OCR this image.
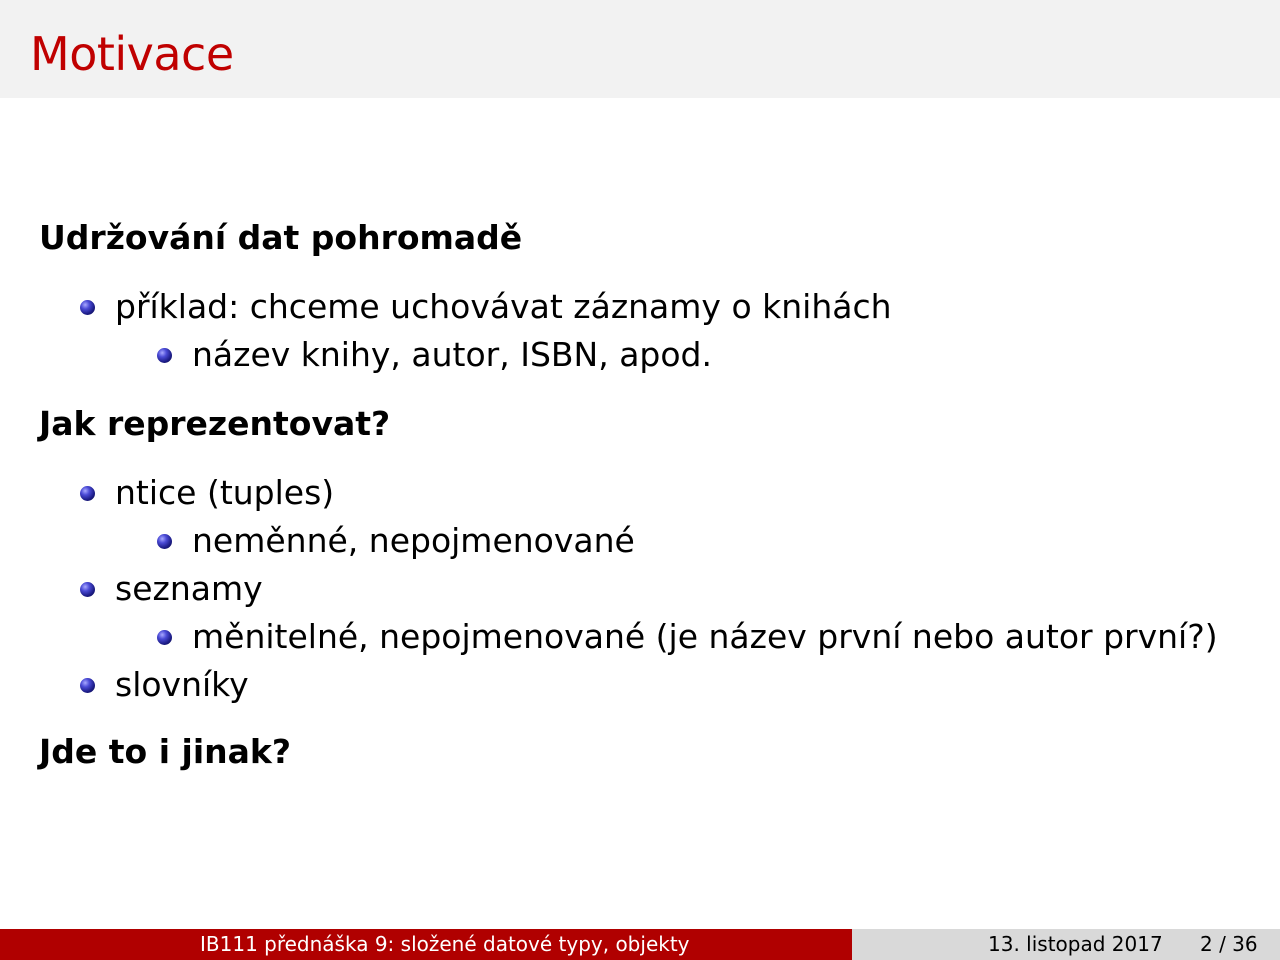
Motivace
Udržování dat pohromadě
příklad: chceme uchovávat záznamy o knihách
název knihy, autor, ISBN, apod.
Jak reprezentovat?
ntice (tuples)
neměnné, nepojmenované
seznamy
měnitelné, nepojmenované (je název první nebo autor první?)
slovníky
Jde to i jinak?
IB111 přednáška 9: složené datové typy, objekty	13. listopad 2017 2 / 36
